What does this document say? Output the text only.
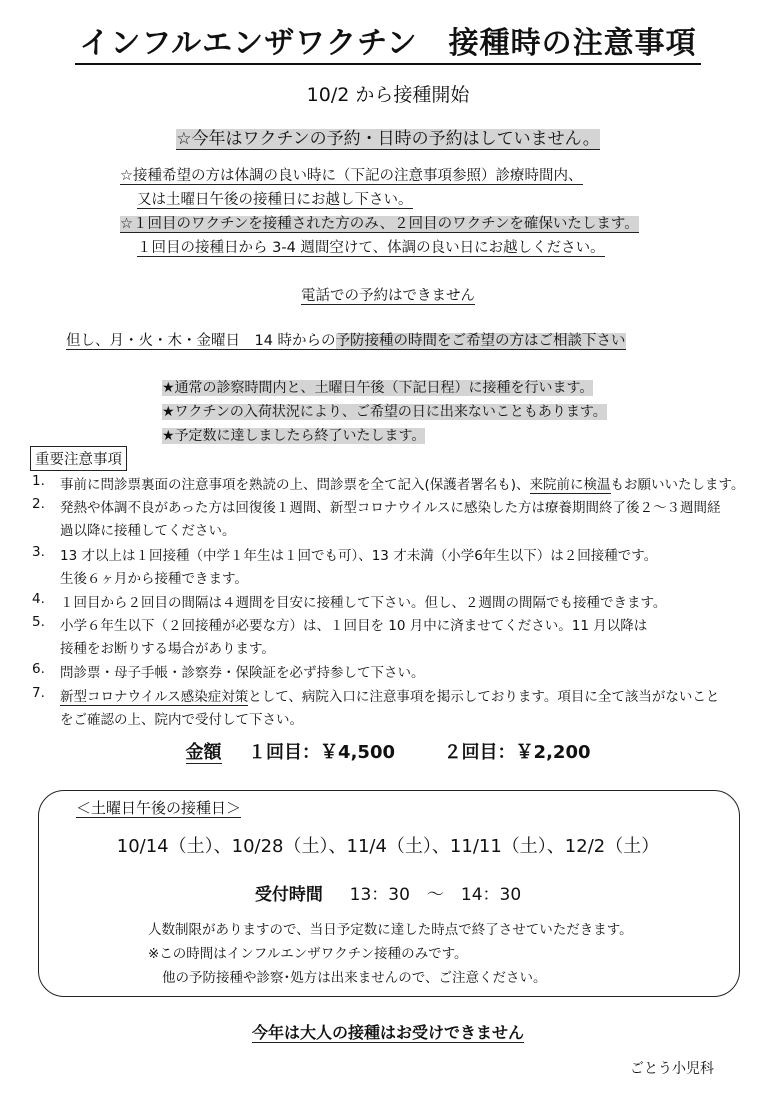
インフルエンザワクチン　接種時の注意事項
10/2 から接種開始
☆今年はワクチンの予約・日時の予約はしていません。
☆接種希望の方は体調の良い時に（下記の注意事項参照）診療時間内、
又は土曜日午後の接種日にお越し下さい。
☆１回目のワクチンを接種された方のみ、２回目のワクチンを確保いたします。
１回目の接種日から 3-4 週間空けて、体調の良い日にお越しください。
電話での予約はできません
但し、月・火・木・金曜日　14 時からの予防接種の時間をご希望の方はご相談下さい
★通常の診察時間内と、土曜日午後（下記日程）に接種を行います。
★ワクチンの入荷状況により、ご希望の日に出来ないこともあります。
★予定数に達しましたら終了いたします。
重要注意事項
1. 事前に問診票裏面の注意事項を熟読の上、問診票を全て記入(保護者署名も)、来院前に検温もお願いいたします。
2. 発熱や体調不良があった方は回復後１週間、新型コロナウイルスに感染した方は療養期間終了後２～３週間経
過以降に接種してください。
3. 13 才以上は１回接種（中学１年生は１回でも可）、13 才未満（小学6年生以下）は２回接種です。
生後６ヶ月から接種できます。
4. １回目から２回目の間隔は４週間を目安に接種して下さい。但し、２週間の間隔でも接種できます。
5. 小学６年生以下（２回接種が必要な方）は、１回目を 10 月中に済ませてください。11 月以降は
接種をお断りする場合があります。
6. 問診票・母子手帳・診察券・保険証を必ず持参して下さい。
7. 新型コロナウイルス感染症対策として、病院入口に注意事項を掲示しております。項目に全て該当がないこと
をご確認の上、院内で受付して下さい。
金額 １回目：￥4,500	２回目：￥2,200
＜土曜日午後の接種日＞
10/14（土）、10/28（土）、11/4（土）、11/11（土）、12/2（土）
受付時間 13：30　～　14：30
人数制限がありますので、当日予定数に達した時点で終了させていただきます。
※この時間はインフルエンザワクチン接種のみです。
他の予防接種や診察･処方は出来ませんので、ご注意ください。
今年は大人の接種はお受けできません
ごとう小児科
